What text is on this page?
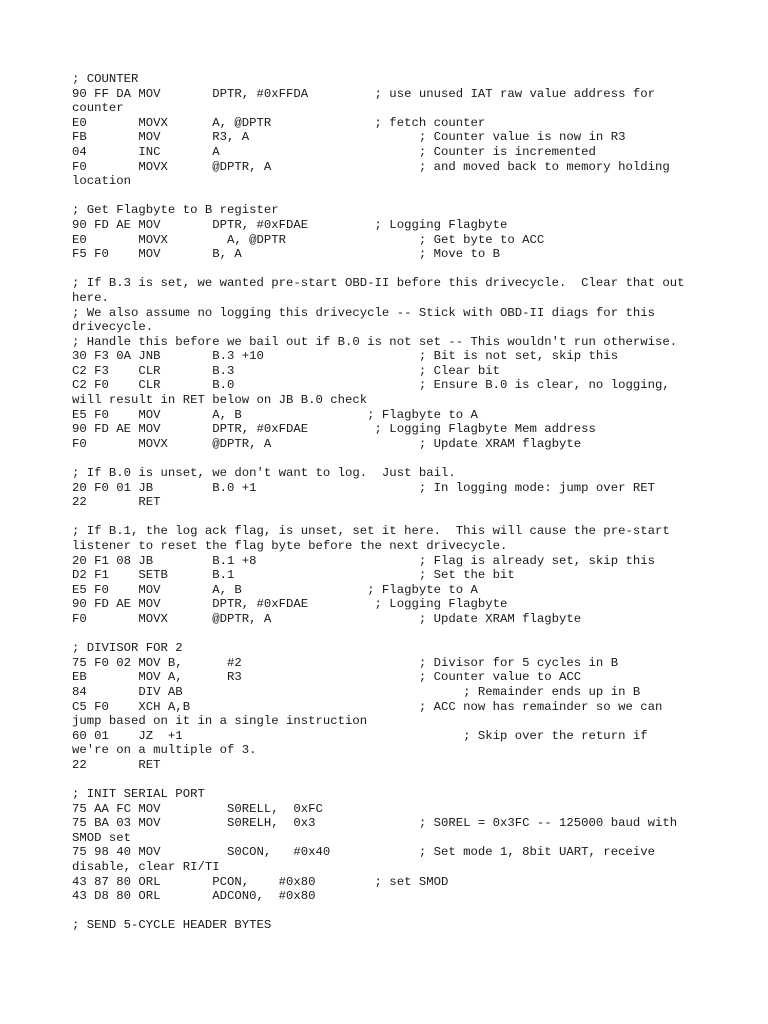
; COUNTER
90 FF DA MOV       DPTR, #0xFFDA         ; use unused IAT raw value address for
counter
E0       MOVX      A, @DPTR              ; fetch counter
FB       MOV       R3, A                       ; Counter value is now in R3
04       INC       A                           ; Counter is incremented
F0       MOVX      @DPTR, A                    ; and moved back to memory holding
location
; Get Flagbyte to B register
90 FD AE MOV       DPTR, #0xFDAE         ; Logging Flagbyte
E0       MOVX        A, @DPTR                  ; Get byte to ACC
F5 F0    MOV       B, A                        ; Move to B
; If B.3 is set, we wanted pre-start OBD-II before this drivecycle.  Clear that out
here.
; We also assume no logging this drivecycle -- Stick with OBD-II diags for this
drivecycle.
; Handle this before we bail out if B.0 is not set -- This wouldn't run otherwise.
30 F3 0A JNB       B.3 +10                     ; Bit is not set, skip this
C2 F3    CLR       B.3                         ; Clear bit
C2 F0    CLR       B.0                         ; Ensure B.0 is clear, no logging,
will result in RET below on JB B.0 check
E5 F0    MOV       A, B                 ; Flagbyte to A
90 FD AE MOV       DPTR, #0xFDAE         ; Logging Flagbyte Mem address
F0       MOVX      @DPTR, A                    ; Update XRAM flagbyte
; If B.0 is unset, we don't want to log.  Just bail.
20 F0 01 JB        B.0 +1                      ; In logging mode: jump over RET
22       RET
; If B.1, the log ack flag, is unset, set it here.  This will cause the pre-start
listener to reset the flag byte before the next drivecycle.
20 F1 08 JB        B.1 +8                      ; Flag is already set, skip this
D2 F1    SETB      B.1                         ; Set the bit
E5 F0    MOV       A, B                 ; Flagbyte to A
90 FD AE MOV       DPTR, #0xFDAE         ; Logging Flagbyte
F0       MOVX      @DPTR, A                    ; Update XRAM flagbyte
; DIVISOR FOR 2
75 F0 02 MOV B,      #2                        ; Divisor for 5 cycles in B
EB       MOV A,      R3                        ; Counter value to ACC
84       DIV AB                                      ; Remainder ends up in B
C5 F0    XCH A,B                               ; ACC now has remainder so we can
jump based on it in a single instruction
60 01    JZ  +1                                      ; Skip over the return if
we're on a multiple of 3.
22       RET
; INIT SERIAL PORT
75 AA FC MOV         S0RELL,  0xFC
75 BA 03 MOV         S0RELH,  0x3              ; S0REL = 0x3FC -- 125000 baud with
SMOD set
75 98 40 MOV         S0CON,   #0x40            ; Set mode 1, 8bit UART, receive
disable, clear RI/TI
43 87 80 ORL       PCON,    #0x80        ; set SMOD
43 D8 80 ORL       ADCON0,  #0x80
; SEND 5-CYCLE HEADER BYTES
